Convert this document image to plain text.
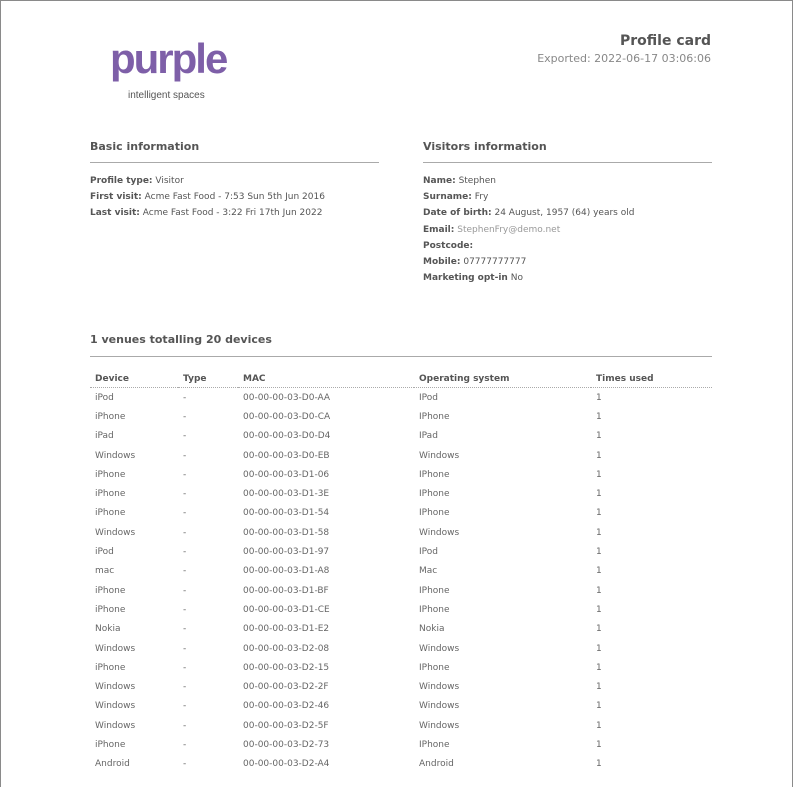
purple
intelligent spaces
Profile card
Exported: 2022-06-17 03:06:06
Basic information
Profile type: Visitor
First visit: Acme Fast Food - 7:53 Sun 5th Jun 2016
Last visit: Acme Fast Food - 3:22 Fri 17th Jun 2022
Visitors information
Name: Stephen
Surname: Fry
Date of birth: 24 August, 1957 (64) years old
Email: StephenFry@demo.net
Postcode:
Mobile: 07777777777
Marketing opt-in No
1 venues totalling 20 devices
Device	Type	MAC	Operating system	Times used
iPod	-	00-00-00-03-D0-AA	IPod	1
iPhone	-	00-00-00-03-D0-CA	IPhone	1
iPad	-	00-00-00-03-D0-D4	IPad	1
Windows	-	00-00-00-03-D0-EB	Windows	1
iPhone	-	00-00-00-03-D1-06	IPhone	1
iPhone	-	00-00-00-03-D1-3E	IPhone	1
iPhone	-	00-00-00-03-D1-54	IPhone	1
Windows	-	00-00-00-03-D1-58	Windows	1
iPod	-	00-00-00-03-D1-97	IPod	1
mac	-	00-00-00-03-D1-A8	Mac	1
iPhone	-	00-00-00-03-D1-BF	IPhone	1
iPhone	-	00-00-00-03-D1-CE	IPhone	1
Nokia	-	00-00-00-03-D1-E2	Nokia	1
Windows	-	00-00-00-03-D2-08	Windows	1
iPhone	-	00-00-00-03-D2-15	IPhone	1
Windows	-	00-00-00-03-D2-2F	Windows	1
Windows	-	00-00-00-03-D2-46	Windows	1
Windows	-	00-00-00-03-D2-5F	Windows	1
iPhone	-	00-00-00-03-D2-73	IPhone	1
Android	-	00-00-00-03-D2-A4	Android	1
